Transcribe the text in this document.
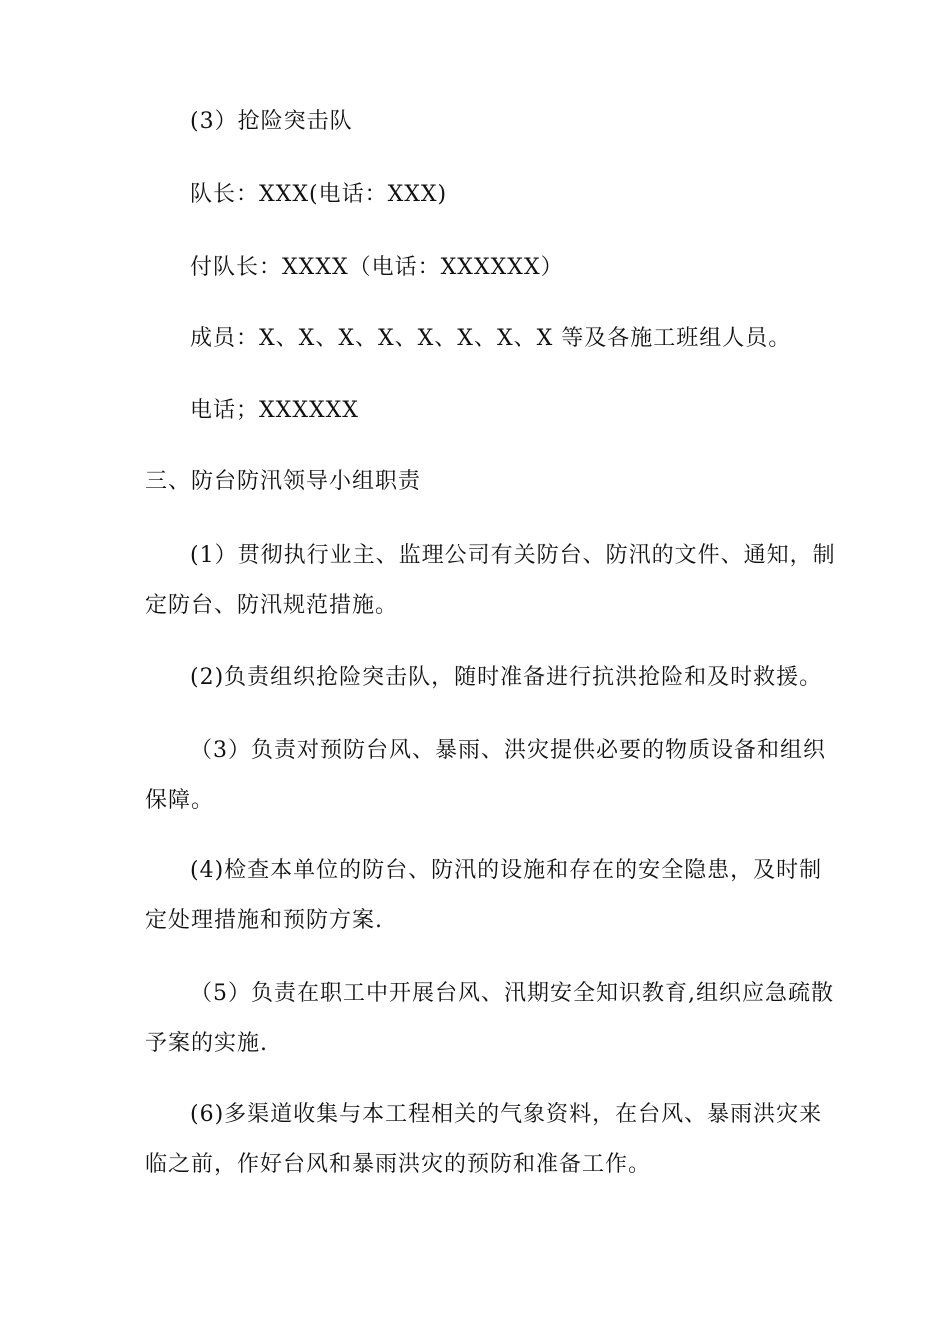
(3）抢险突击队
队长：XXX(电话：XXX)
付队长：XXXX（电话：XXXXXX）
成员：X、X、X、X、X、X、X、X 等及各施工班组人员。
电话；XXXXXX
三、防台防汛领导小组职责
(1）贯彻执行业主、监理公司有关防台、防汛的文件、通知，制
定防台、防汛规范措施。
(2)负责组织抢险突击队，随时准备进行抗洪抢险和及时救援。
（3）负责对预防台风、暴雨、洪灾提供必要的物质设备和组织
保障。
(4)检查本单位的防台、防汛的设施和存在的安全隐患，及时制
定处理措施和预防方案.
（5）负责在职工中开展台风、汛期安全知识教育,组织应急疏散
予案的实施.
(6)多渠道收集与本工程相关的气象资料，在台风、暴雨洪灾来
临之前，作好台风和暴雨洪灾的预防和准备工作。
